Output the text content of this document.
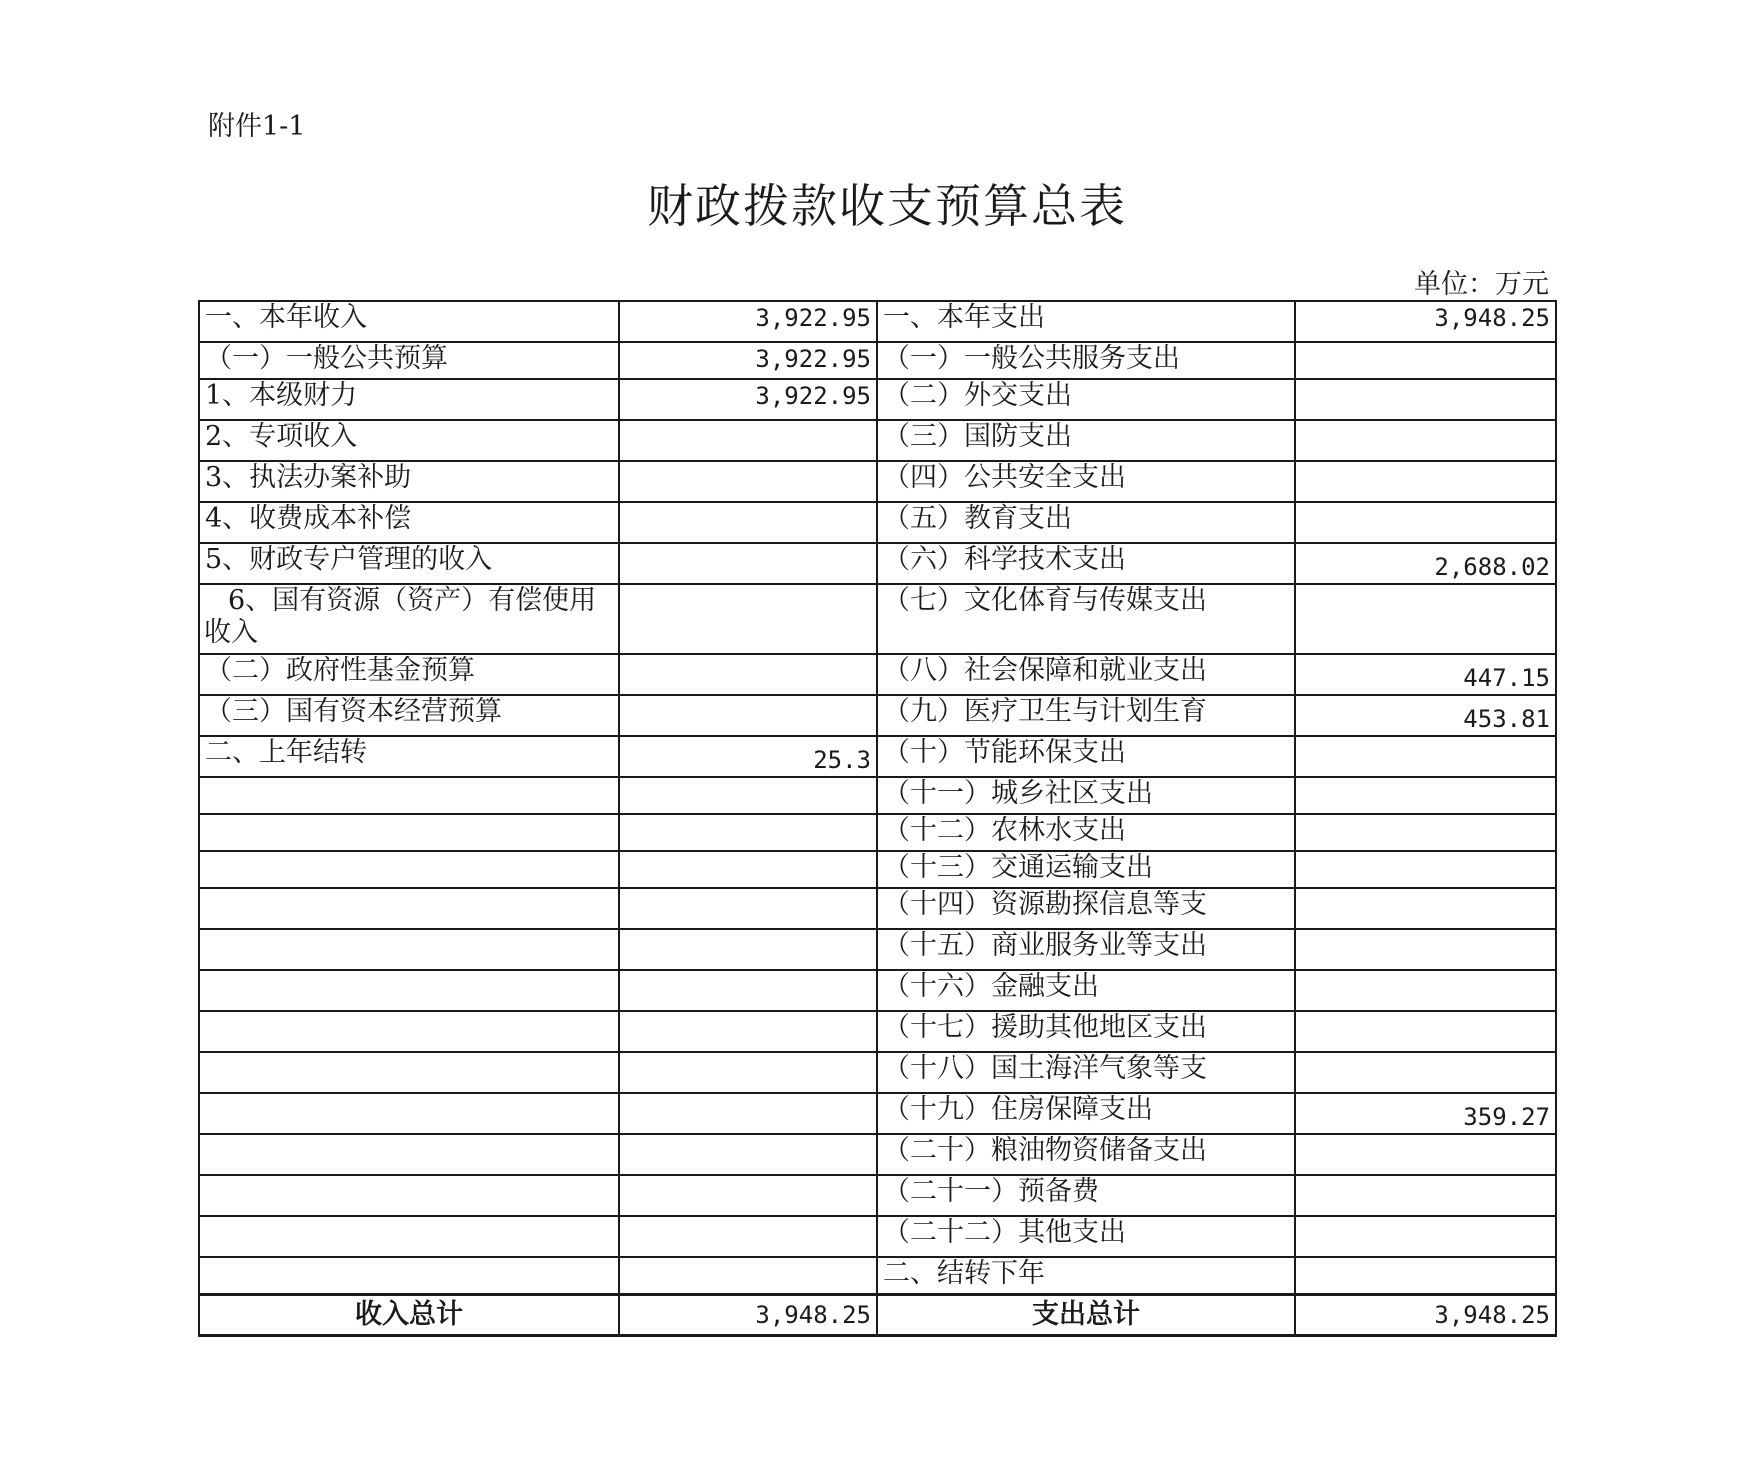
附件1-1
财政拨款收支预算总表
单位：万元
一、本年收入	3,922.95	一、本年支出	3,948.25
（一）一般公共预算	3,922.95	（一）一般公共服务支出	
1、本级财力	3,922.95	（二）外交支出	
2、专项收入		（三）国防支出	
3、执法办案补助		（四）公共安全支出	
4、收费成本补偿		（五）教育支出	
5、财政专户管理的收入		（六）科学技术支出	2,688.02
6、国有资源（资产）有偿使用收入		（七）文化体育与传媒支出	
（二）政府性基金预算		（八）社会保障和就业支出	447.15
（三）国有资本经营预算		（九）医疗卫生与计划生育	453.81
二、上年结转	25.3	（十）节能环保支出	
		（十一）城乡社区支出	
		（十二）农林水支出	
		（十三）交通运输支出	
		（十四）资源勘探信息等支	
		（十五）商业服务业等支出	
		（十六）金融支出	
		（十七）援助其他地区支出	
		（十八）国土海洋气象等支	
		（十九）住房保障支出	359.27
		（二十）粮油物资储备支出	
		（二十一）预备费	
		（二十二）其他支出	
		二、结转下年	
收入总计	3,948.25	支出总计	3,948.25
